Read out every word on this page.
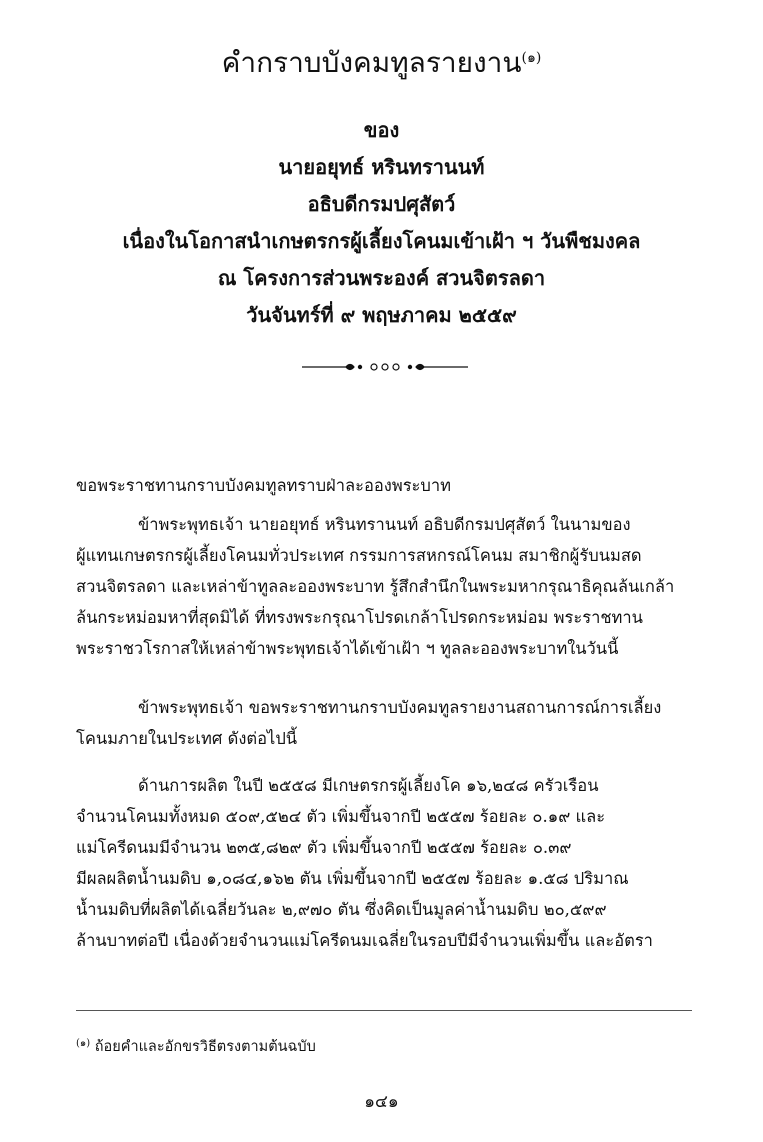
คำกราบบังคมทูลรายงาน$^{(๑)}$
ของ
นายอยุทธ์ หรินทรานนท์
อธิบดีกรมปศุสัตว์
เนื่องในโอกาสนำเกษตรกรผู้เลี้ยงโคนมเข้าเฝ้า ฯ วันพืชมงคล
ณ โครงการส่วนพระองค์ สวนจิตรลดา
วันจันทร์ที่ ๙ พฤษภาคม ๒๕๕๙
ขอพระราชทานกราบบังคมทูลทราบฝ่าละอองพระบาท
ข้าพระพุทธเจ้า นายอยุทธ์ หรินทรานนท์ อธิบดีกรมปศุสัตว์ ในนามของ
ผู้แทนเกษตรกรผู้เลี้ยงโคนมทั่วประเทศ กรรมการสหกรณ์โคนม สมาชิกผู้รับนมสด
สวนจิตรลดา และเหล่าข้าทูลละอองพระบาท รู้สึกสำนึกในพระมหากรุณาธิคุณล้นเกล้า
ล้นกระหม่อมหาที่สุดมิได้ ที่ทรงพระกรุณาโปรดเกล้าโปรดกระหม่อม พระราชทาน
พระราชวโรกาสให้เหล่าข้าพระพุทธเจ้าได้เข้าเฝ้า ฯ ทูลละอองพระบาทในวันนี้
ข้าพระพุทธเจ้า ขอพระราชทานกราบบังคมทูลรายงานสถานการณ์การเลี้ยง
โคนมภายในประเทศ ดังต่อไปนี้
ด้านการผลิต ในปี ๒๕๕๘ มีเกษตรกรผู้เลี้ยงโค ๑๖,๒๔๘ ครัวเรือน
จำนวนโคนมทั้งหมด ๕๐๙,๕๒๔ ตัว เพิ่มขึ้นจากปี ๒๕๕๗ ร้อยละ ๐.๑๙ และ
แม่โครีดนมมีจำนวน ๒๓๕,๘๒๙ ตัว เพิ่มขึ้นจากปี ๒๕๕๗ ร้อยละ ๐.๓๙
มีผลผลิตน้ำนมดิบ ๑,๐๘๔,๑๖๒ ตัน เพิ่มขึ้นจากปี ๒๕๕๗ ร้อยละ ๑.๕๘ ปริมาณ
น้ำนมดิบที่ผลิตได้เฉลี่ยวันละ ๒,๙๗๐ ตัน ซึ่งคิดเป็นมูลค่าน้ำนมดิบ ๒๐,๕๙๙
ล้านบาทต่อปี เนื่องด้วยจำนวนแม่โครีดนมเฉลี่ยในรอบปีมีจำนวนเพิ่มขึ้น และอัตรา
$^{(๑)}$ ถ้อยคำและอักขรวิธีตรงตามต้นฉบับ
๑๔๑
